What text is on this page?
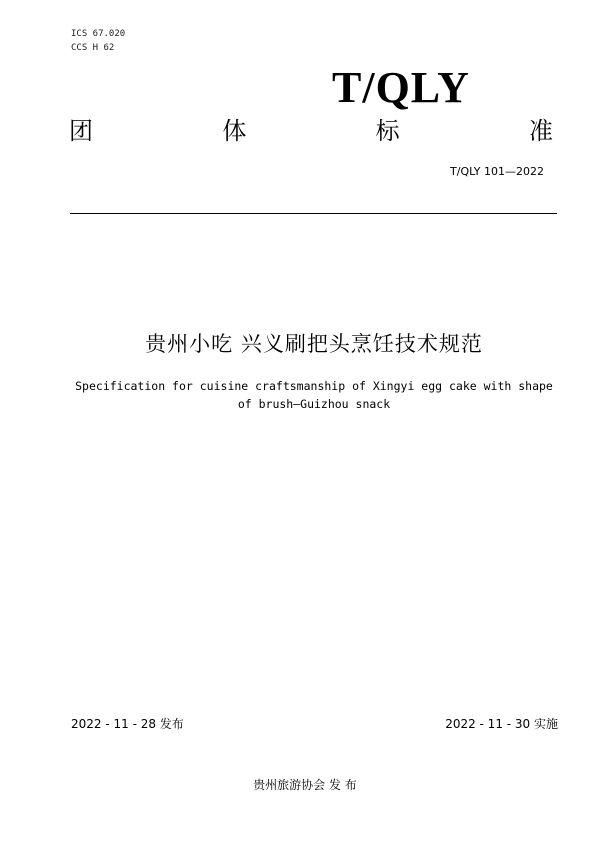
ICS 67.020
CCS H 62
T/QLY
团	体	标	准
T/QLY 101—2022
贵州小吃 兴义刷把头烹饪技术规范
Specification for cuisine craftsmanship of Xingyi egg cake with shape
of brush—Guizhou snack
2022 - 11 - 28 发布	2022 - 11 - 30 实施
贵州旅游协会 发 布
